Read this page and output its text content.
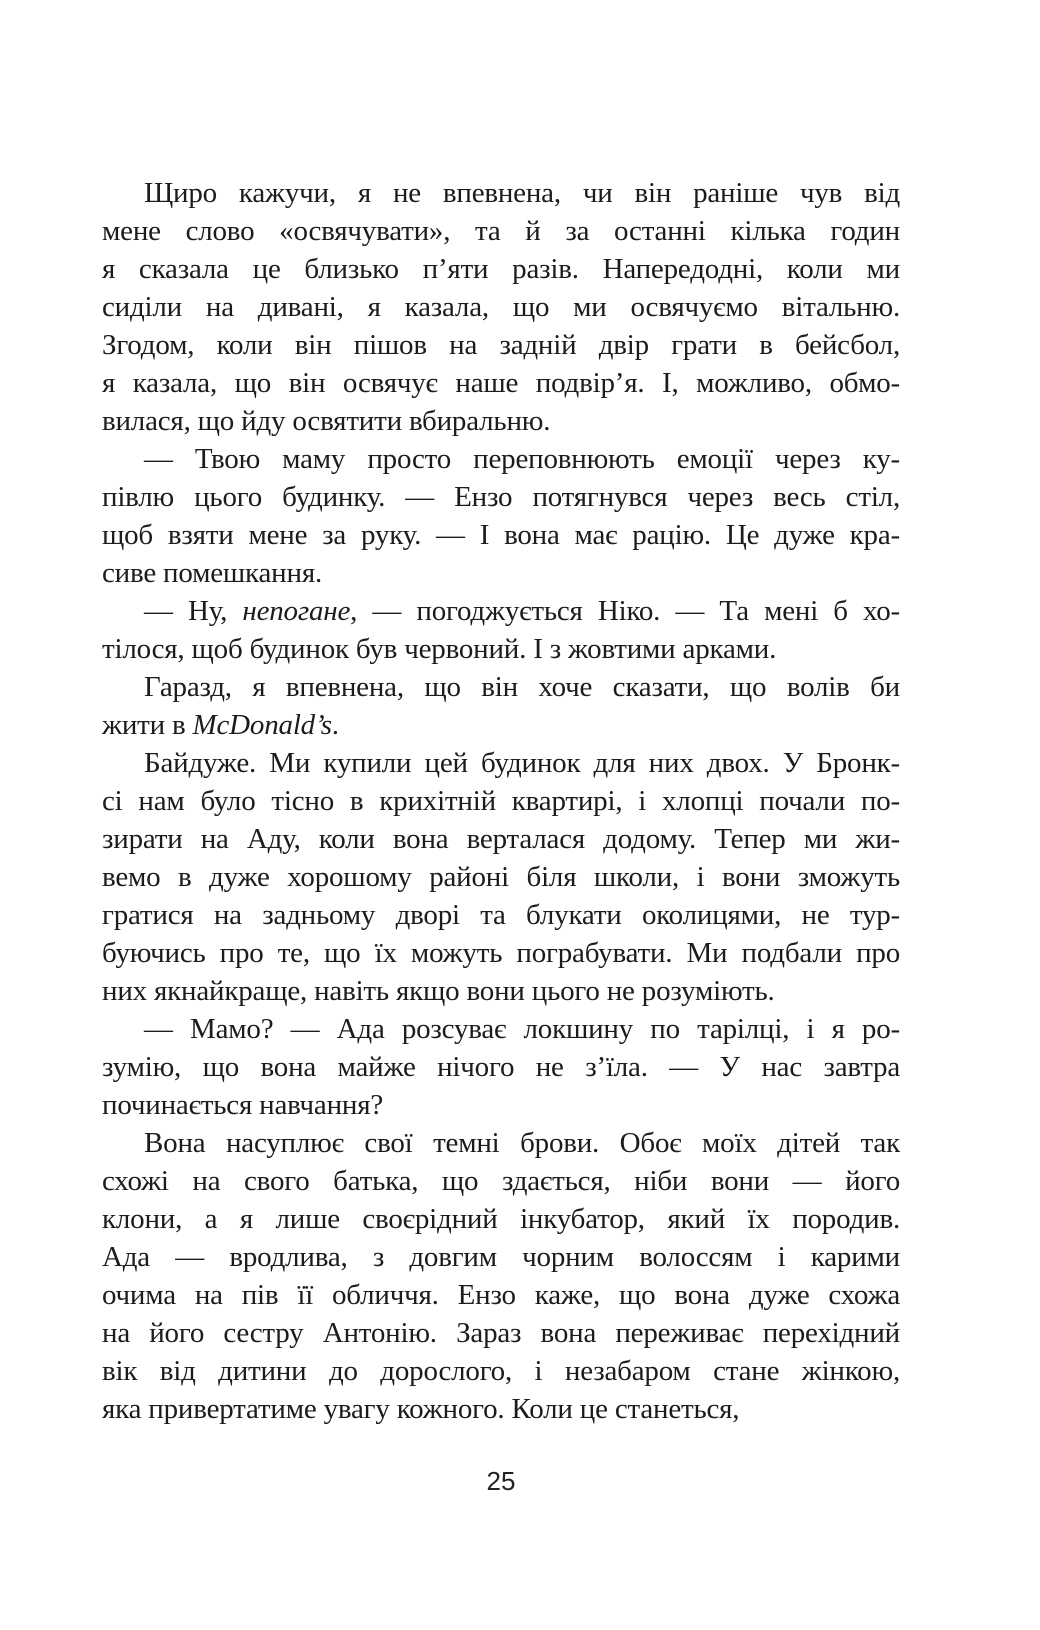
Щиро кажучи, я не впевнена, чи він раніше чув від
мене слово «освячувати», та й за останні кілька годин
я сказала це близько п’яти разів. Напередодні, коли ми
сиділи на дивані, я казала, що ми освячуємо вітальню.
Згодом, коли він пішов на задній двір грати в бейсбол,
я казала, що він освячує наше подвір’я. І, можливо, обмо-
вилася, що йду освятити вбиральню.
— Твою маму просто переповнюють емоції через ку-
півлю цього будинку. — Ензо потягнувся через весь стіл,
щоб взяти мене за руку. — І вона має рацію. Це дуже кра-
сиве помешкання.
— Ну, непогане, — погоджується Ніко. — Та мені б хо-
тілося, щоб будинок був червоний. І з жовтими арками.
Гаразд, я впевнена, що він хоче сказати, що волів би
жити в McDonald’s.
Байдуже. Ми купили цей будинок для них двох. У Бронк-
сі нам було тісно в крихітній квартирі, і хлопці почали по-
зирати на Аду, коли вона верталася додому. Тепер ми жи-
вемо в дуже хорошому районі біля школи, і вони зможуть
гратися на задньому дворі та блукати околицями, не тур-
буючись про те, що їх можуть пограбувати. Ми подбали про
них якнайкраще, навіть якщо вони цього не розуміють.
— Мамо? — Ада розсуває локшину по тарілці, і я ро-
зумію, що вона майже нічого не з’їла. — У нас завтра
починається навчання?
Вона насуплює свої темні брови. Обоє моїх дітей так
схожі на свого батька, що здається, ніби вони — його
клони, а я лише своєрідний інкубатор, який їх породив.
Ада — вродлива, з довгим чорним волоссям і карими
очима на пів її обличчя. Ензо каже, що вона дуже схожа
на його сестру Антонію. Зараз вона переживає перехідний
вік від дитини до дорослого, і незабаром стане жінкою,
яка привертатиме увагу кожного. Коли це станеться,
25
